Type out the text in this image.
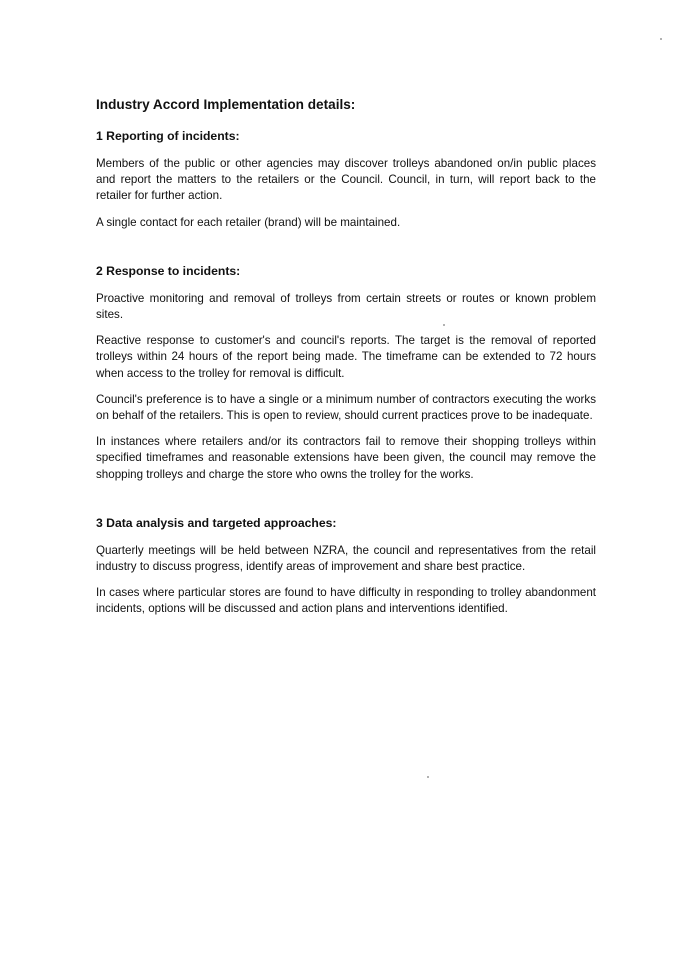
Industry Accord Implementation details:
1 Reporting of incidents:

Members of the public or other agencies may discover trolleys abandoned on/in public places and report the matters to the retailers or the Council. Council, in turn, will report back to the retailer for further action.

A single contact for each retailer (brand) will be maintained.

2 Response to incidents:

Proactive monitoring and removal of trolleys from certain streets or routes or known problem sites.

Reactive response to customer's and council's reports. The target is the removal of reported trolleys within 24 hours of the report being made. The timeframe can be extended to 72 hours when access to the trolley for removal is difficult.

Council's preference is to have a single or a minimum number of contractors executing the works on behalf of the retailers. This is open to review, should current practices prove to be inadequate.

In instances where retailers and/or its contractors fail to remove their shopping trolleys within specified timeframes and reasonable extensions have been given, the council may remove the shopping trolleys and charge the store who owns the trolley for the works.

3 Data analysis and targeted approaches:

Quarterly meetings will be held between NZRA, the council and representatives from the retail industry to discuss progress, identify areas of improvement and share best practice.

In cases where particular stores are found to have difficulty in responding to trolley abandonment incidents, options will be discussed and action plans and interventions identified.
